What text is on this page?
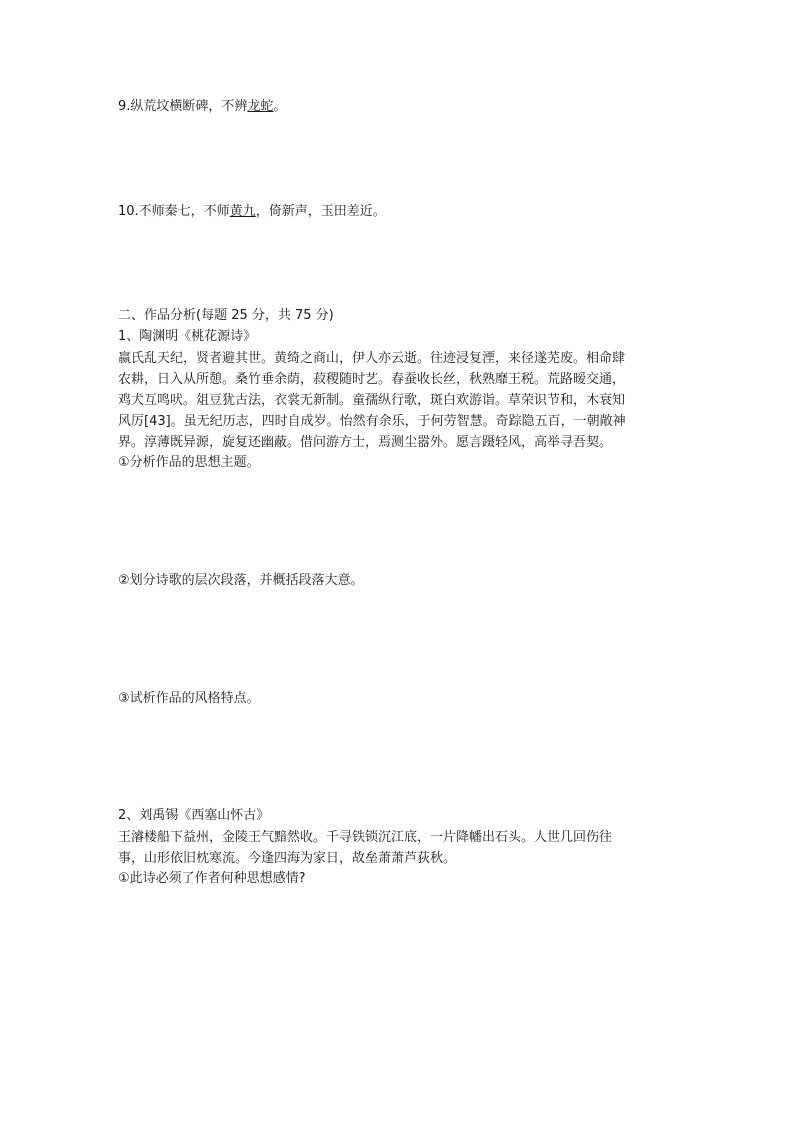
9.纵荒坟横断碑，不辨龙蛇。
10.不师秦七，不师黄九，倚新声，玉田差近。
二、作品分析(每题 25 分，共 75 分)
1、陶渊明《桃花源诗》
嬴氏乱天纪，贤者避其世。黄绮之商山，伊人亦云逝。往迹浸复湮，来径遂芜废。相命肆
农耕，日入从所憩。桑竹垂余荫，菽稷随时艺。春蚕收长丝，秋熟靡王税。荒路暧交通，
鸡犬互鸣吠。俎豆犹古法，衣裳无新制。童孺纵行歌，斑白欢游诣。草荣识节和，木衰知
风厉[43]。虽无纪历志，四时自成岁。怡然有余乐，于何劳智慧。奇踪隐五百，一朝敞神
界。淳薄既异源，旋复还幽蔽。借问游方士，焉测尘嚣外。愿言蹑轻风，高举寻吾契。
①分析作品的思想主题。
②划分诗歌的层次段落，并概括段落大意。
③试析作品的风格特点。
2、刘禹锡《西塞山怀古》
王濬楼船下益州，金陵王气黯然收。千寻铁锁沉江底，一片降幡出石头。人世几回伤往
事，山形依旧枕寒流。今逢四海为家日，故垒萧萧芦荻秋。
①此诗必须了作者何种思想感情?
